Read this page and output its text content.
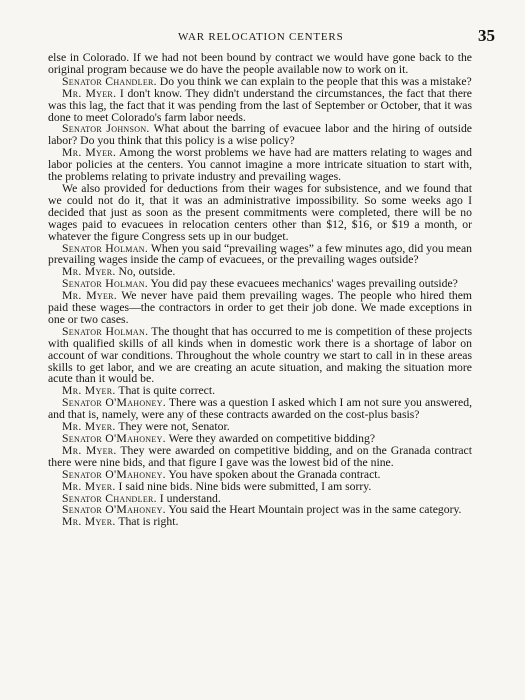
WAR RELOCATION CENTERS	35

else in Colorado. If we had not been bound by contract we would have gone back to the original program because we do have the people available now to work on it.

Senator Chandler. Do you think we can explain to the people that this was a mistake?

Mr. Myer. I don't know. They didn't understand the circumstances, the fact that there was this lag, the fact that it was pending from the last of September or October, that it was done to meet Colorado's farm labor needs.

Senator Johnson. What about the barring of evacuee labor and the hiring of outside labor? Do you think that this policy is a wise policy?

Mr. Myer. Among the worst problems we have had are matters relating to wages and labor policies at the centers. You cannot imagine a more intricate situation to start with, the problems relating to private industry and prevailing wages.

We also provided for deductions from their wages for subsistence, and we found that we could not do it, that it was an administrative impossibility. So some weeks ago I decided that just as soon as the present commitments were completed, there will be no wages paid to evacuees in relocation centers other than $12, $16, or $19 a month, or whatever the figure Congress sets up in our budget.

Senator Holman. When you said “prevailing wages” a few minutes ago, did you mean prevailing wages inside the camp of evacuees, or the prevailing wages outside?

Mr. Myer. No, outside.

Senator Holman. You did pay these evacuees mechanics' wages prevailing outside?

Mr. Myer. We never have paid them prevailing wages. The people who hired them paid these wages—the contractors in order to get their job done. We made exceptions in one or two cases.

Senator Holman. The thought that has occurred to me is competition of these projects with qualified skills of all kinds when in domestic work there is a shortage of labor on account of war conditions. Throughout the whole country we start to call in in these areas skills to get labor, and we are creating an acute situation, and making the situation more acute than it would be.

Mr. Myer. That is quite correct.

Senator O'Mahoney. There was a question I asked which I am not sure you answered, and that is, namely, were any of these contracts awarded on the cost-plus basis?

Mr. Myer. They were not, Senator.

Senator O'Mahoney. Were they awarded on competitive bidding?

Mr. Myer. They were awarded on competitive bidding, and on the Granada contract there were nine bids, and that figure I gave was the lowest bid of the nine.

Senator O'Mahoney. You have spoken about the Granada contract.

Mr. Myer. I said nine bids. Nine bids were submitted, I am sorry.

Senator Chandler. I understand.

Senator O'Mahoney. You said the Heart Mountain project was in the same category.

Mr. Myer. That is right.
